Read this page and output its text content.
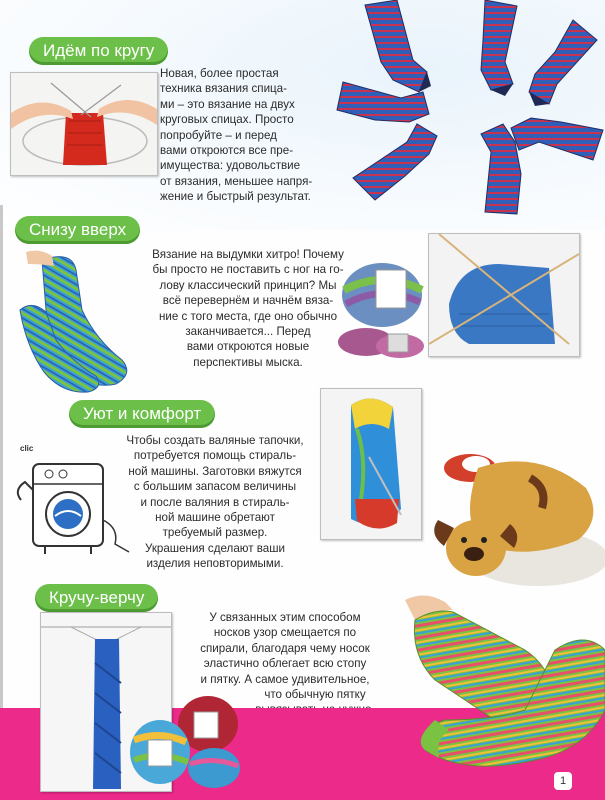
Идём по кругу
Новая, более простая
техника вязания спица-
ми – это вязание на двух
круговых спицах. Просто
попробуйте – и перед
вами откроются все пре-
имущества: удовольствие
от вязания, меньшее напря-
жение и быстрый результат.
Снизу вверх
Вязание на выдумки хитро! Почему
бы просто не поставить с ног на го-
лову классический принцип? Мы
всё перевернём и начнём вяза-
ние с того места, где оно обычно
заканчивается... Перед
вами откроются новые
перспективы мыска.
Уют и комфорт
clic
Чтобы создать валяные тапочки,
потребуется помощь стираль-
ной машины. Заготовки вяжутся
с большим запасом величины
и после валяния в стираль-
ной машине обретают
требуемый размер.
Украшения сделают ваши
изделия неповторимыми.
Кручу-верчу
У связанных этим способом
носков узор смещается по
спирали, благодаря чему носок
эластично облегает всю стопу
и пятку. А самое удивительное,
что обычную пятку
1
